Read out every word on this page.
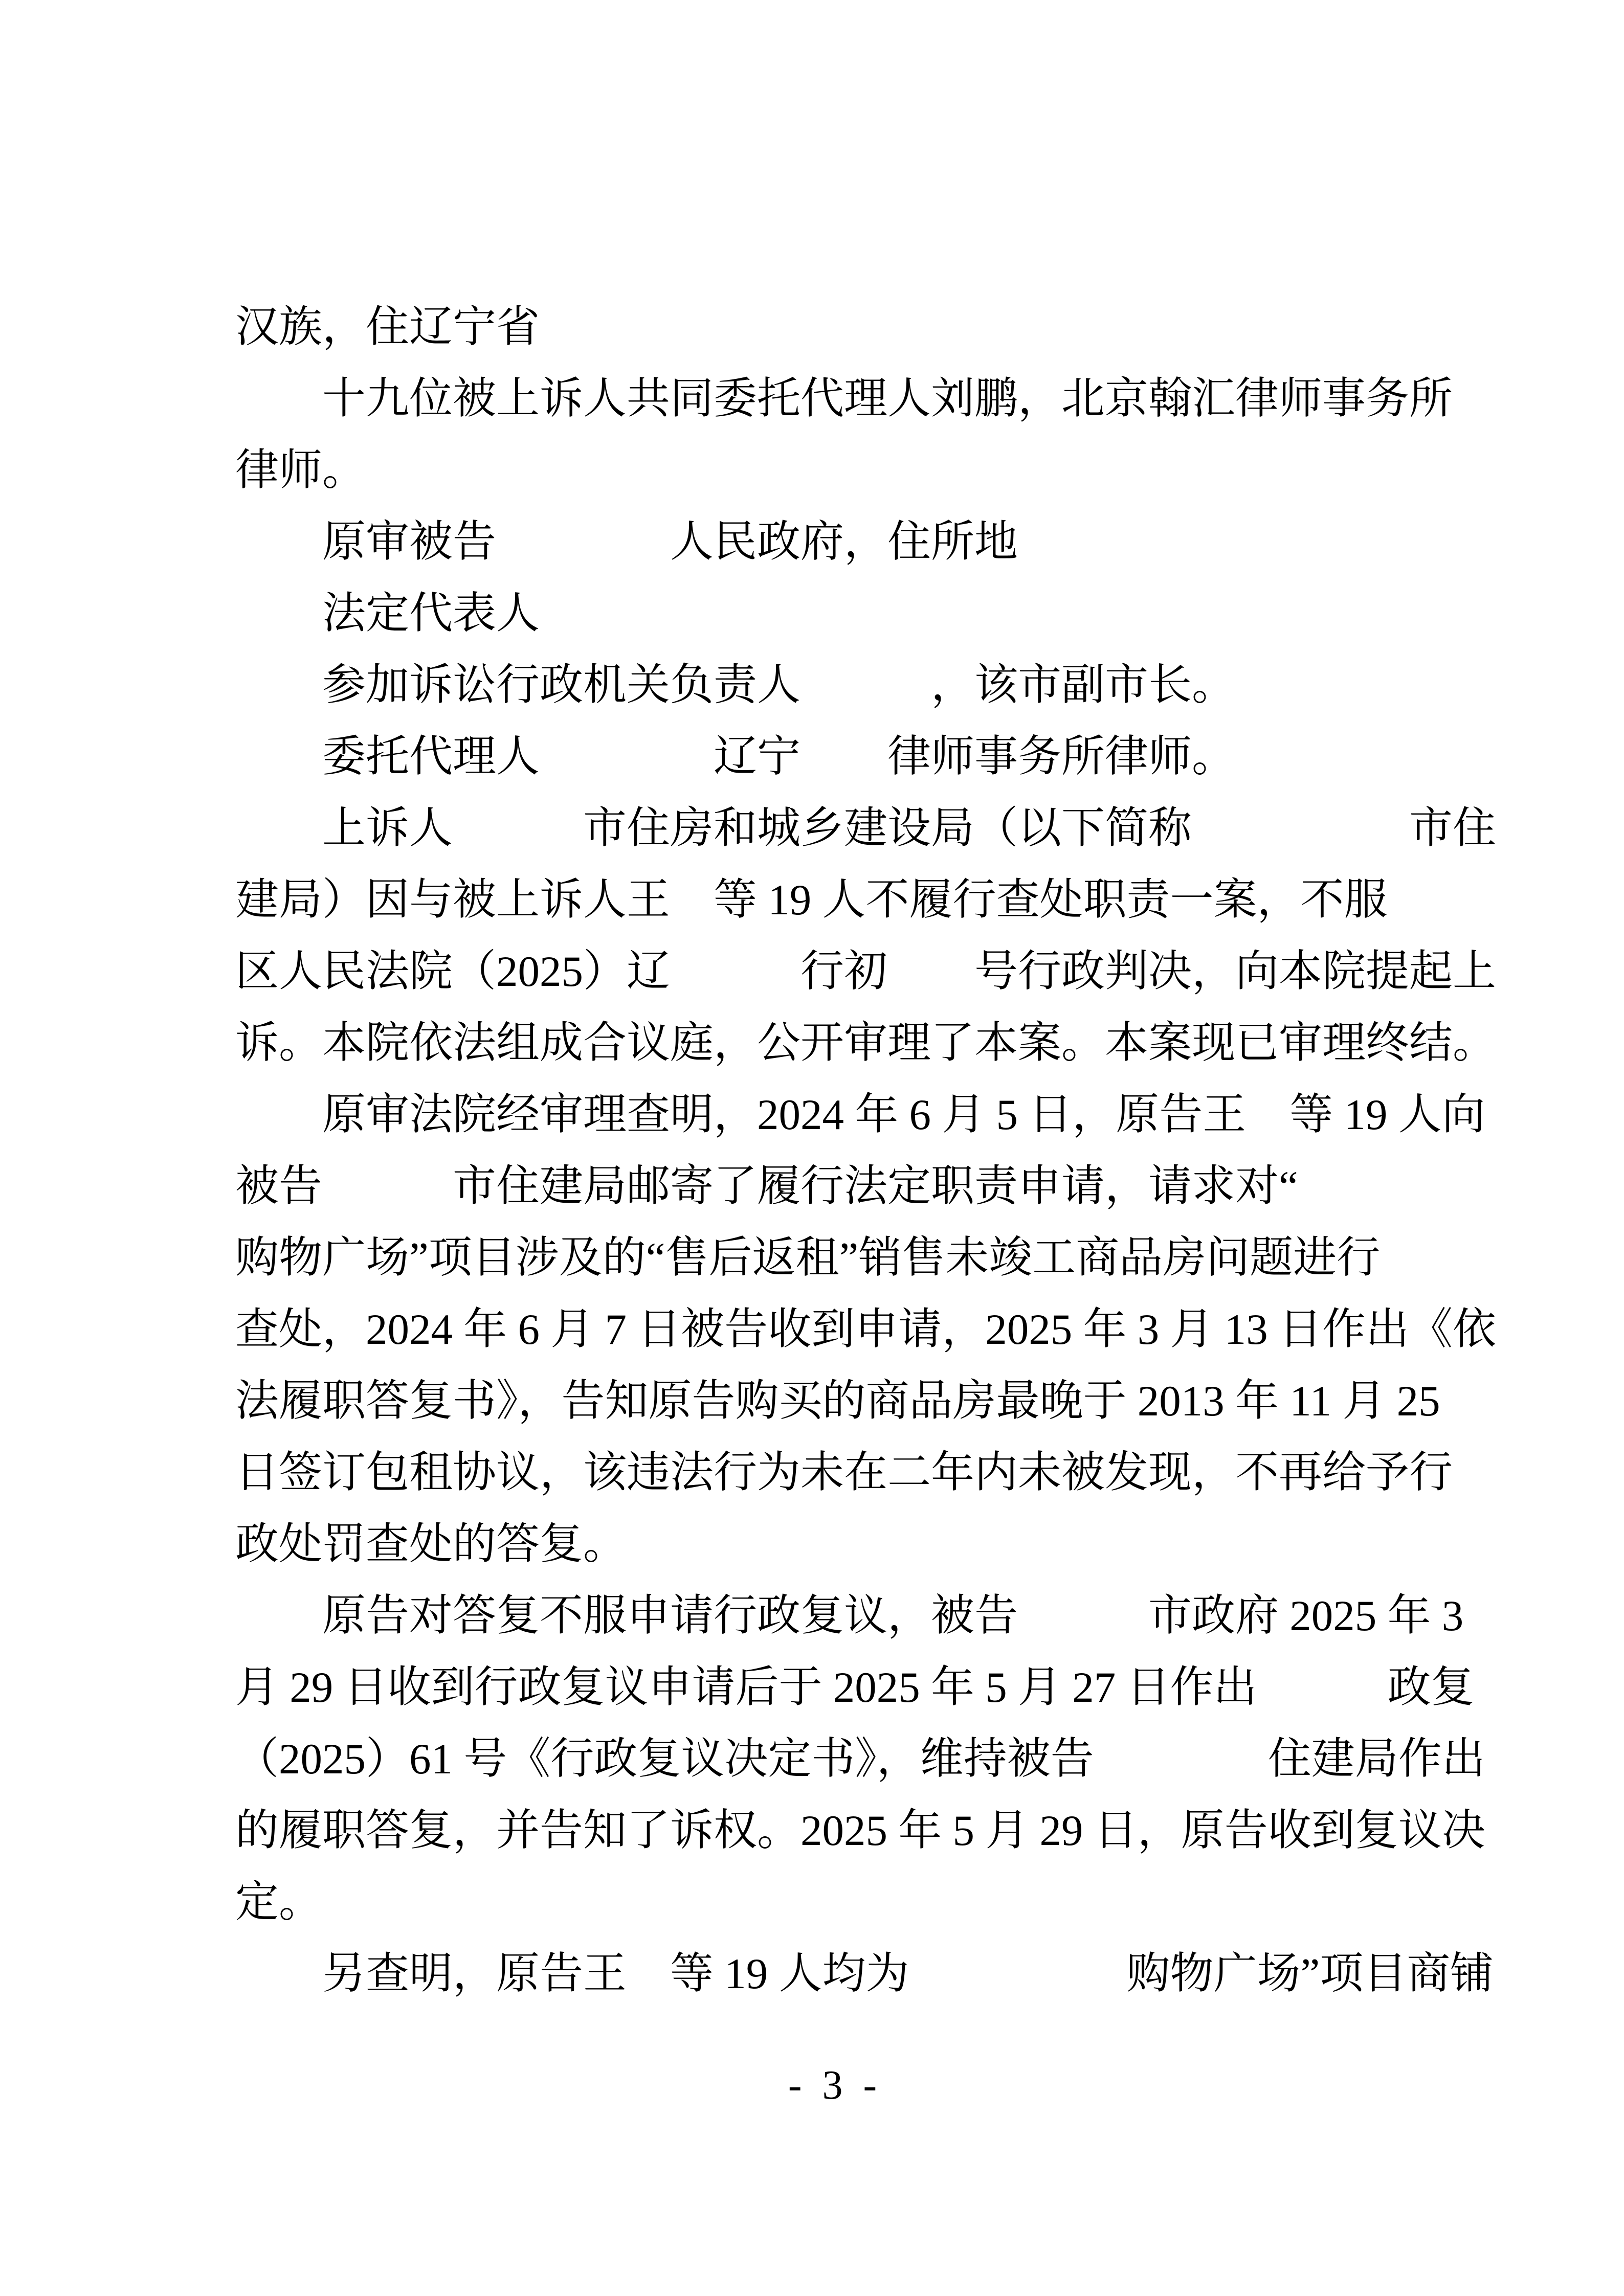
汉族，住辽宁省
十九位被上诉人共同委托代理人刘鹏，北京翰汇律师事务所
律师。
原审被告　　　　人民政府，住所地
法定代表人
参加诉讼行政机关负责人　　　，该市副市长。
委托代理人　　　　辽宁　　律师事务所律师。
上诉人　　　市住房和城乡建设局（以下简称　　　　　市住
建局）因与被上诉人王　等 19 人不履行查处职责一案，不服
区人民法院（2025）辽　　　行初　　号行政判决，向本院提起上
诉。本院依法组成合议庭，公开审理了本案。本案现已审理终结。
原审法院经审理查明，2024 年 6 月 5 日，原告王　等 19 人向
被告　　　市住建局邮寄了履行法定职责申请，请求对“
购物广场”项目涉及的“售后返租”销售未竣工商品房问题进行
查处，2024 年 6 月 7 日被告收到申请，2025 年 3 月 13 日作出《依
法履职答复书》，告知原告购买的商品房最晚于 2013 年 11 月 25
日签订包租协议，该违法行为未在二年内未被发现，不再给予行
政处罚查处的答复。
原告对答复不服申请行政复议，被告　　　市政府 2025 年 3
月 29 日收到行政复议申请后于 2025 年 5 月 27 日作出　　　政复
（2025）61 号《行政复议决定书》，维持被告　　　　住建局作出
的履职答复，并告知了诉权。2025 年 5 月 29 日，原告收到复议决
定。
另查明，原告王　等 19 人均为　　　　　购物广场”项目商铺
-  3  -
